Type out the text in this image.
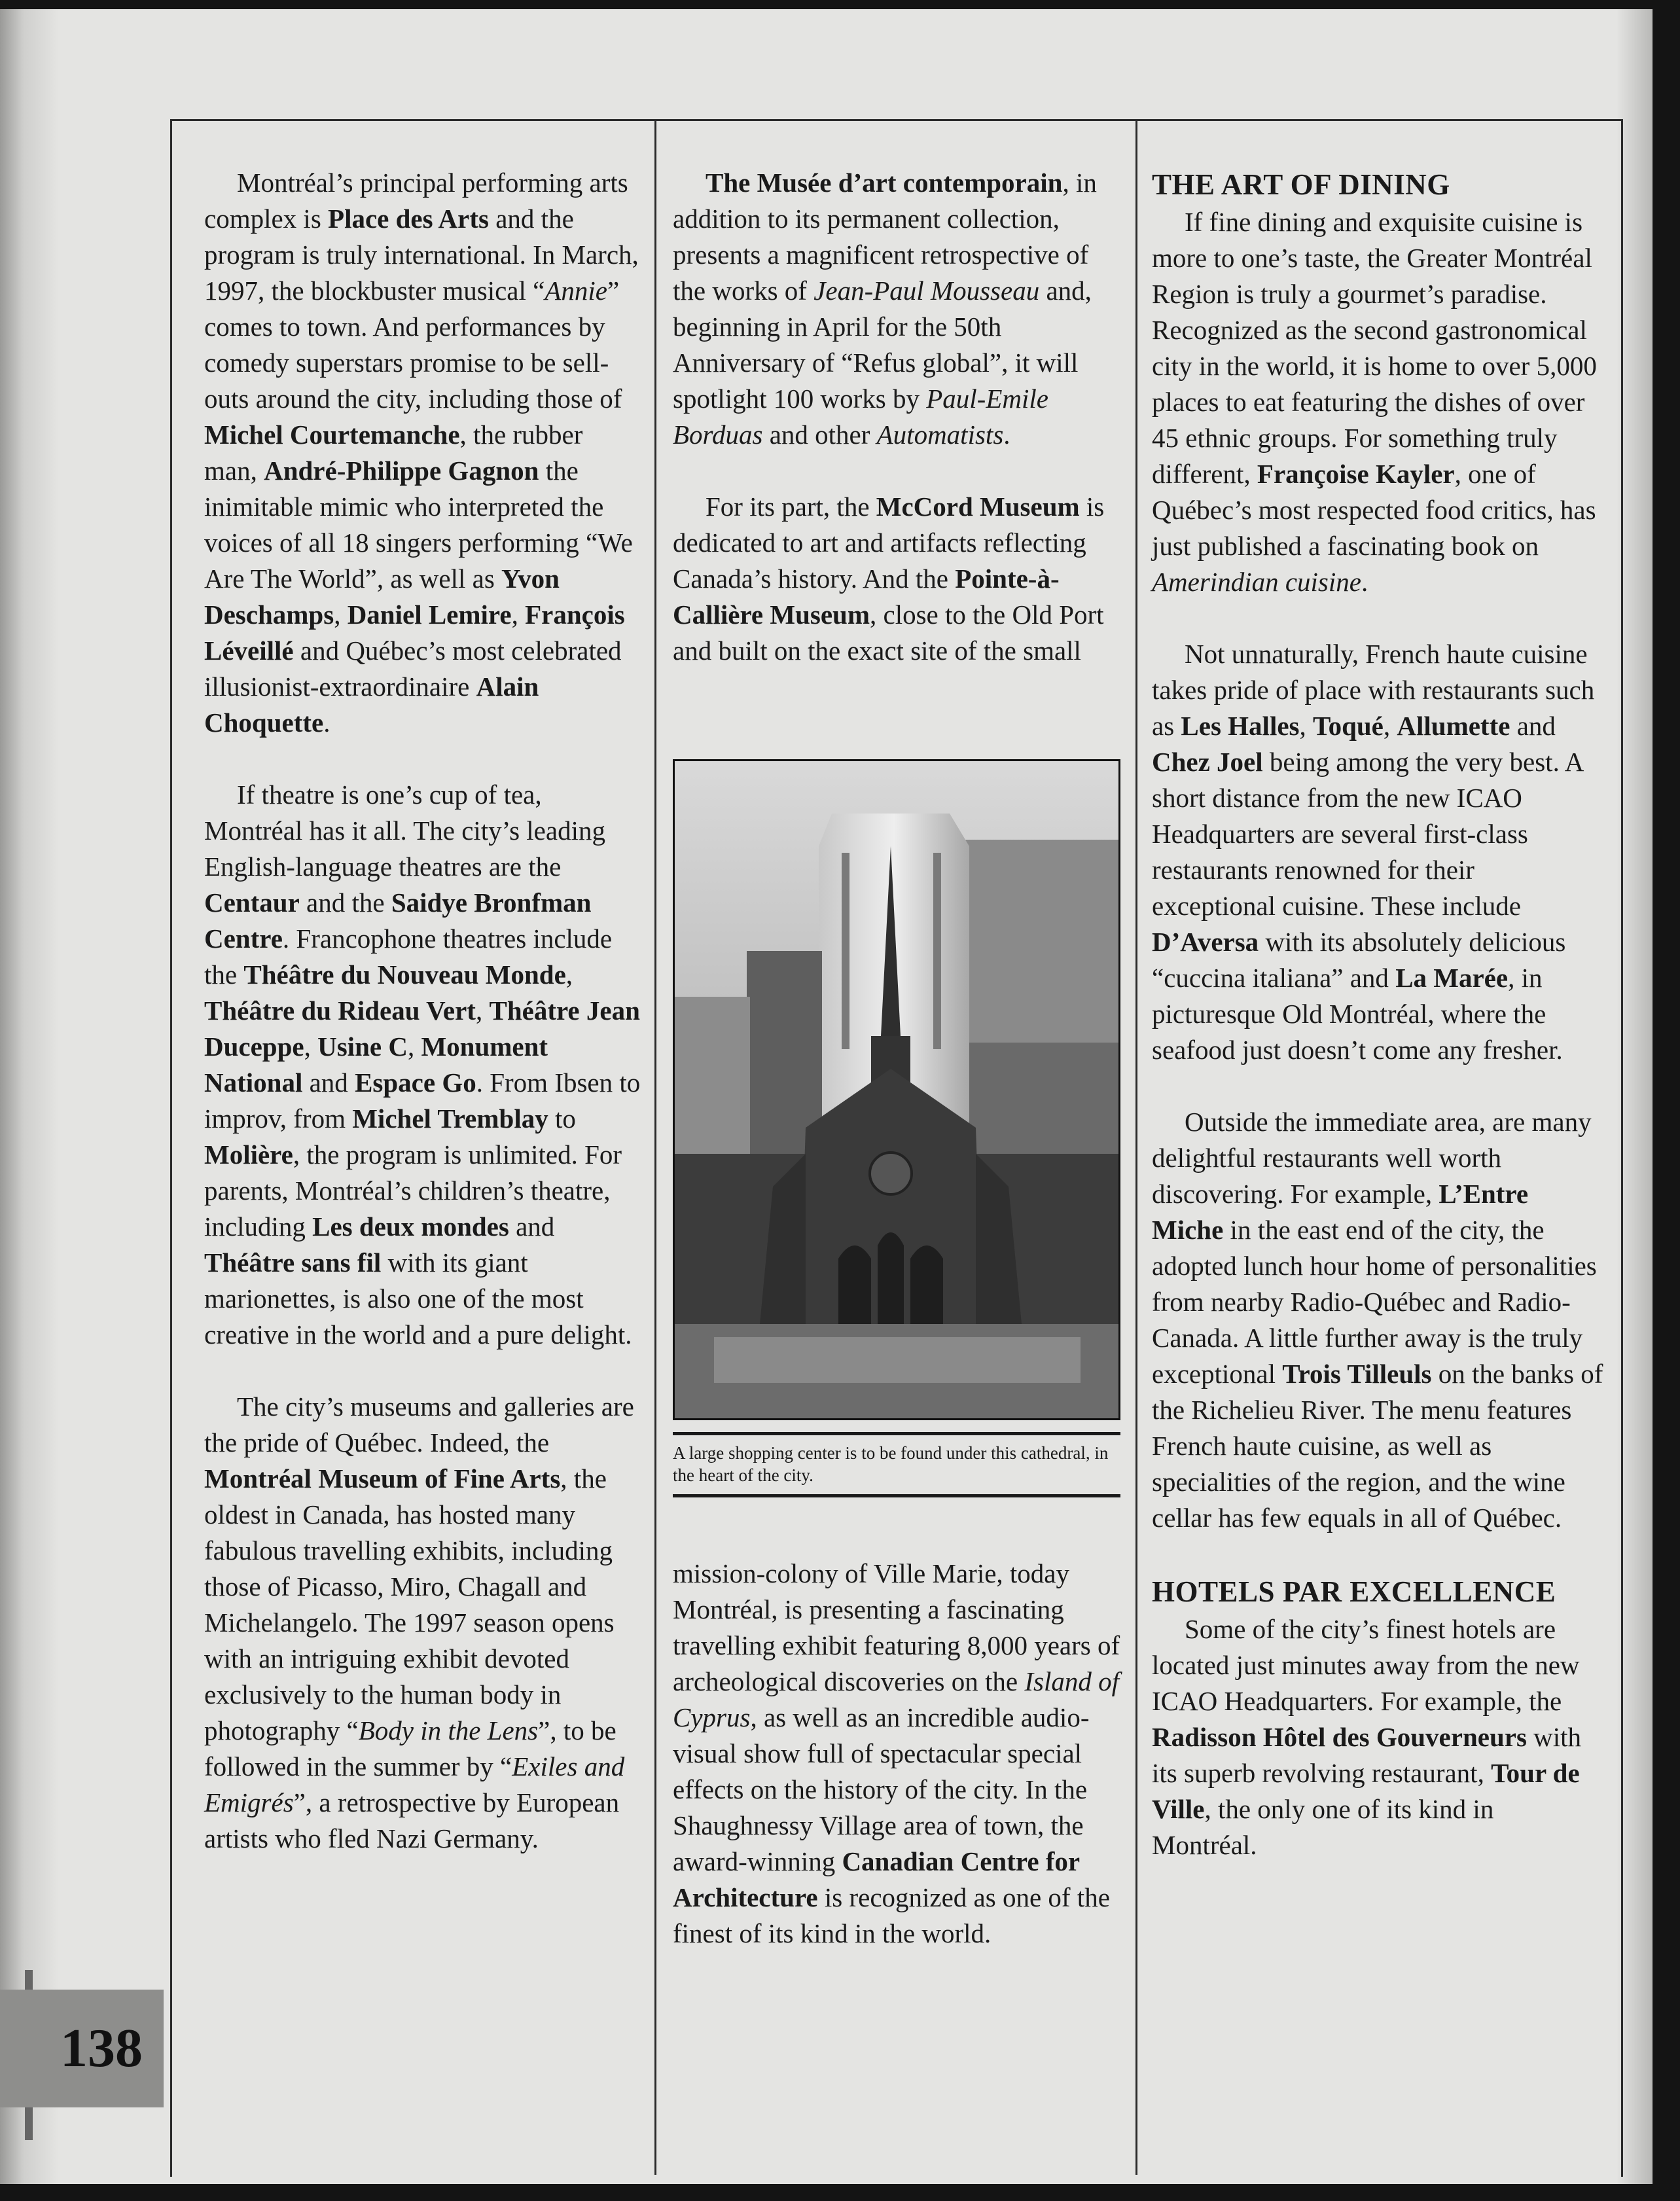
138

Montréal’s principal performing arts complex is Place des Arts and the program is truly international. In March, 1997, the blockbuster musical “Annie” comes to town. And performances by comedy superstars promise to be sell-outs around the city, including those of Michel Courtemanche, the rubber man, André-Philippe Gagnon the inimitable mimic who interpreted the voices of all 18 singers performing “We Are The World”, as well as Yvon Deschamps, Daniel Lemire, François Léveillé and Québec’s most celebrated illusionist-extraordinaire Alain Choquette.

If theatre is one’s cup of tea, Montréal has it all. The city’s leading English-language theatres are the Centaur and the Saidye Bronfman Centre. Francophone theatres include the Théâtre du Nouveau Monde, Théâtre du Rideau Vert, Théâtre Jean Duceppe, Usine C, Monument National and Espace Go. From Ibsen to improv, from Michel Tremblay to Molière, the program is unlimited. For parents, Montréal’s children’s theatre, including Les deux mondes and Théâtre sans fil with its giant marionettes, is also one of the most creative in the world and a pure delight.

The city’s museums and galleries are the pride of Québec. Indeed, the Montréal Museum of Fine Arts, the oldest in Canada, has hosted many fabulous travelling exhibits, including those of Picasso, Miro, Chagall and Michelangelo. The 1997 season opens with an intriguing exhibit devoted exclusively to the human body in photography “Body in the Lens”, to be followed in the summer by “Exiles and Emigrés”, a retrospective by European artists who fled Nazi Germany.

The Musée d’art contemporain, in addition to its permanent collection, presents a magnificent retrospective of the works of Jean-Paul Mousseau and, beginning in April for the 50th Anniversary of “Refus global”, it will spotlight 100 works by Paul-Emile Borduas and other Automatists.

For its part, the McCord Museum is dedicated to art and artifacts reflecting Canada’s history. And the Pointe-à-Callière Museum, close to the Old Port and built on the exact site of the small

A large shopping center is to be found under this cathedral, in the heart of the city.

mission-colony of Ville Marie, today Montréal, is presenting a fascinating travelling exhibit featuring 8,000 years of archeological discoveries on the Island of Cyprus, as well as an incredible audio-visual show full of spectacular special effects on the history of the city. In the Shaughnessy Village area of town, the award-winning Canadian Centre for Architecture is recognized as one of the finest of its kind in the world.

THE ART OF DINING

If fine dining and exquisite cuisine is more to one’s taste, the Greater Montréal Region is truly a gourmet’s paradise. Recognized as the second gastronomical city in the world, it is home to over 5,000 places to eat featuring the dishes of over 45 ethnic groups. For something truly different, Françoise Kayler, one of Québec’s most respected food critics, has just published a fascinating book on Amerindian cuisine.

Not unnaturally, French haute cuisine takes pride of place with restaurants such as Les Halles, Toqué, Allumette and Chez Joel being among the very best. A short distance from the new ICAO Headquarters are several first-class restaurants renowned for their exceptional cuisine. These include D’Aversa with its absolutely delicious “cuccina italiana” and La Marée, in picturesque Old Montréal, where the seafood just doesn’t come any fresher.

Outside the immediate area, are many delightful restaurants well worth discovering. For example, L’Entre Miche in the east end of the city, the adopted lunch hour home of personalities from nearby Radio-Québec and Radio-Canada. A little further away is the truly exceptional Trois Tilleuls on the banks of the Richelieu River. The menu features French haute cuisine, as well as specialities of the region, and the wine cellar has few equals in all of Québec.

HOTELS PAR EXCELLENCE

Some of the city’s finest hotels are located just minutes away from the new ICAO Headquarters. For example, the Radisson Hôtel des Gouverneurs with its superb revolving restaurant, Tour de Ville, the only one of its kind in Montréal.
